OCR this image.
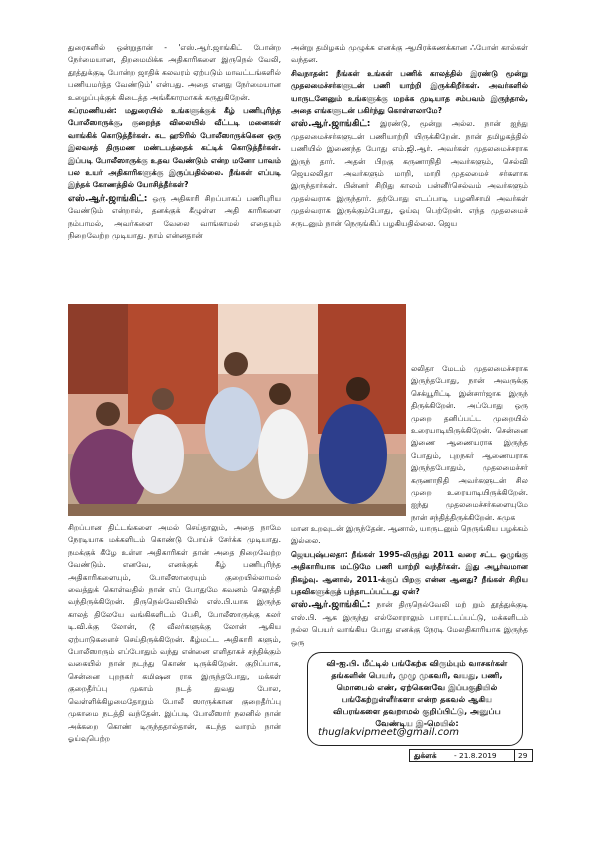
துரைகளில் ஒன்றுதான் - 'எஸ்.ஆர்.ஜாங்கிட் போன்ற நேர்மையான, திறமைமிக்க அதிகாரிகளை இருநெல் வேலி, தூத்துக்குடி போன்ற ஜாதிக் கலவரம் ஏற்படும் மாவட்டங்களில் பணியமர்த்த வேண்டும்' என்பது. அதை எனது நேர்மையான உழைப்புக்குக் கிடைத்த அங்கீகாரமாகக் கருதுகிறேன்.

சுப்ரமணியன்: மதுரையில் உங்களுக்குக் கீழ் பணிபுரிந்த போலீஸாருக்கு, குறைந்த விலையில் வீட்டடி மனைகள் வாங்கிக் கொடுத்தீர்கள். கட ஹூரில் போலீஸாருக்கென ஒரு இலவசத் திருமண மண்டபத்தைக் கட்டிக் கொடுத்தீர்கள். இப்படி போலீஸாருக்கு உதவ வேண்டும் என்ற மனோ பாவம் பல உயர் அதிகாரிகளுக்கு இருப்பதில்லை. நீங்கள் எப்படி இந்தக் கோணத்தில் யோசித்தீர்கள்?

எஸ்.ஆர்.ஜாங்கிட்: ஒரு அதிகாரி சிறப்பாகப் பணிபுரிய வேண்டும் என்றால், தனக்குக் கீழுள்ள அதி காரிகளை நம்பாமல், அவர்களை வேலை வாங்காமல் எதையும் நிறைவேற்ற முடியாது. நாம் என்னதான்

சிறப்பான திட்டங்களை அமல் செய்தாலும், அதை நாமே நேரடியாக மக்களிடம் கொண்டு போய்ச் சேர்க்க முடியாது. நமக்குக் கீழே உள்ள அதிகாரிகள் தான் அதை நிறைவேற்ற வேண்டும். எனவே, எனக்குக் கீழ் பணிபுரிந்த அதிகாரிகளையும், போலீஸாரையும் குறையில்லாமல் வைத்துக் கொள்வதில் நான் எப் போதுமே கவனம் செலுத்தி வந்திருக்கிறேன். திருநெல்வேலியில் எஸ்.பி.யாக இருந்த காலத் திலேயே வங்கிகளிடம் பேசி, போலீஸாருக்கு கலர் டி.வி.க்கு லோன், டூ வீலர்களுக்கு லோன் ஆகிய ஏற்பாடுகளைச் செய்திருக்கிறேன். கீழ்மட்ட அதிகாரி களும், போலீஸாரும் எப்போதும் வந்து என்னை எளிதாகச் சந்திக்கும் வகையில் நான் நடந்து கொண் டிருக்கிறேன். குறிப்பாக, சென்னை புறநகர் கமிஷன ராக இருந்தபோது, மக்கள் குறைதீர்ப்பு முகாம் நடத் துவது போல, வெள்ளிக்கிழமைதோறும் போலீ ஸாருக்கான குறைதீர்ப்பு முகாமை நடத்தி வந்தேன். இப்படி போலீஸார் நலனில் நான் அக்கறை கொண் டிருந்ததால்தான், கடந்த வாரம் நான் ஓய்வுபெற்ற

அன்று தமிழகம் முழுக்க எனக்கு ஆயிரக்கணக்கான ஃபோன் கால்கள் வந்தன.

சிவநாதன்: நீங்கள் உங்கள் பணிக் காலத்தில் இரண்டு மூன்று முதலமைச்சர்களுடன் பணி யாற்றி இருக்கிறீர்கள். அவர்களில் யாருடனேனும் உங்களுக்கு மறக்க முடியாத சம்பவம் இருந்தால், அதை எங்களுடன் பகிர்ந்து கொள்ளலாமே?

எஸ்.ஆர்.ஜாங்கிட்: இரண்டு, மூன்று அல்ல. நான் ஐந்து முதலமைச்சர்களுடன் பணியாற்றி யிருக்கிறேன். நான் தமிழகத்தில் பணியில் இணைந்த போது எம்.ஜி.ஆர். அவர்கள் முதலமைச்சராக இருந் தார். அதன் பிறகு கருணாநிதி அவர்களும், செல்வி ஜெயலலிதா அவர்களும் மாறி, மாறி முதலமைச் சர்களாக இருந்தார்கள். பின்னர் சிறிது காலம் பன்னீர்செல்வம் அவர்களும் முதல்வராக இருந்தார். தற்போது எடப்பாடி பழனிசாமி அவர்கள் முதல்வராக இருக்கும்போது, ஓய்வு பெற்றேன். எந்த முதலமைச் சருடனும் நான் நெருங்கிப் பழகியதில்லை. ஜெய

லலிதா மேடம் முதலமைச்சராக இருந்தபோது, நான் அவருக்கு செக்யூரிட்டி இன்சார்ஜாக இருந் திருக்கிறேன். அப்போது ஒரு முறை தனிப்பட்ட முறையில் உரையாடியிருக்கிறேன். சென்னை இணை ஆணையராக இருந்த போதும், புறநகர் ஆணையராக இருந்தபோதும், முதலமைச்சர் கருணாநிதி அவர்களுடன் சில முறை உரையாடியிருக்கிறேன். ஐந்து முதலமைச்சர்களையுமே நான் சந்தித்திருக்கிறேன். சுமுக

மான உறவுடன் இருந்தேன். ஆனால், யாருடனும் நெருங்கிய பழக்கம் இல்லை.

ஜெயபுஷ்பலதா: நீங்கள் 1995-லிருந்து 2011 வரை சட்ட ஒழுங்கு அதிகாரியாக மட்டுமே பணி யாற்றி வந்தீர்கள். இது அபூர்வமான நிகழ்வு. ஆனால், 2011-க்குப் பிறகு என்ன ஆனது? நீங்கள் சிறிய பதவிகளுக்குத் பந்தாடப்பட்டது ஏன்?

எஸ்.ஆர்.ஜாங்கிட்: நான் திருநெல்வேலி மற் றும் தூத்துக்குடி எஸ்.பி. ஆக இருந்து எல்லோராலும் பாராட்டப்பட்டு, மக்களிடம் நல்ல பெயர் வாங்கிய போது எனக்கு நேரடி மேலதிகாரியாக இருந்த ஒரு

வி-ஐ.பி. மீட்டில் பங்கேற்க விரும்பும் வாசகர்கள் தங்களின் பெயர், முழு முகவரி, வயது, பணி, மொபைல் எண், ஏற்கெனவே இப்பகுதியில் பங்கேற்றுள்ளீர்களா என்ற தகவல் ஆகிய விபரங்களை தவறாமல் குறிப்பிட்டு, அனுப்ப வேண்டிய இ-மெயில்:
thuglakvipmeet@gmail.com
துக்ளக் - 21.8.2019	29
